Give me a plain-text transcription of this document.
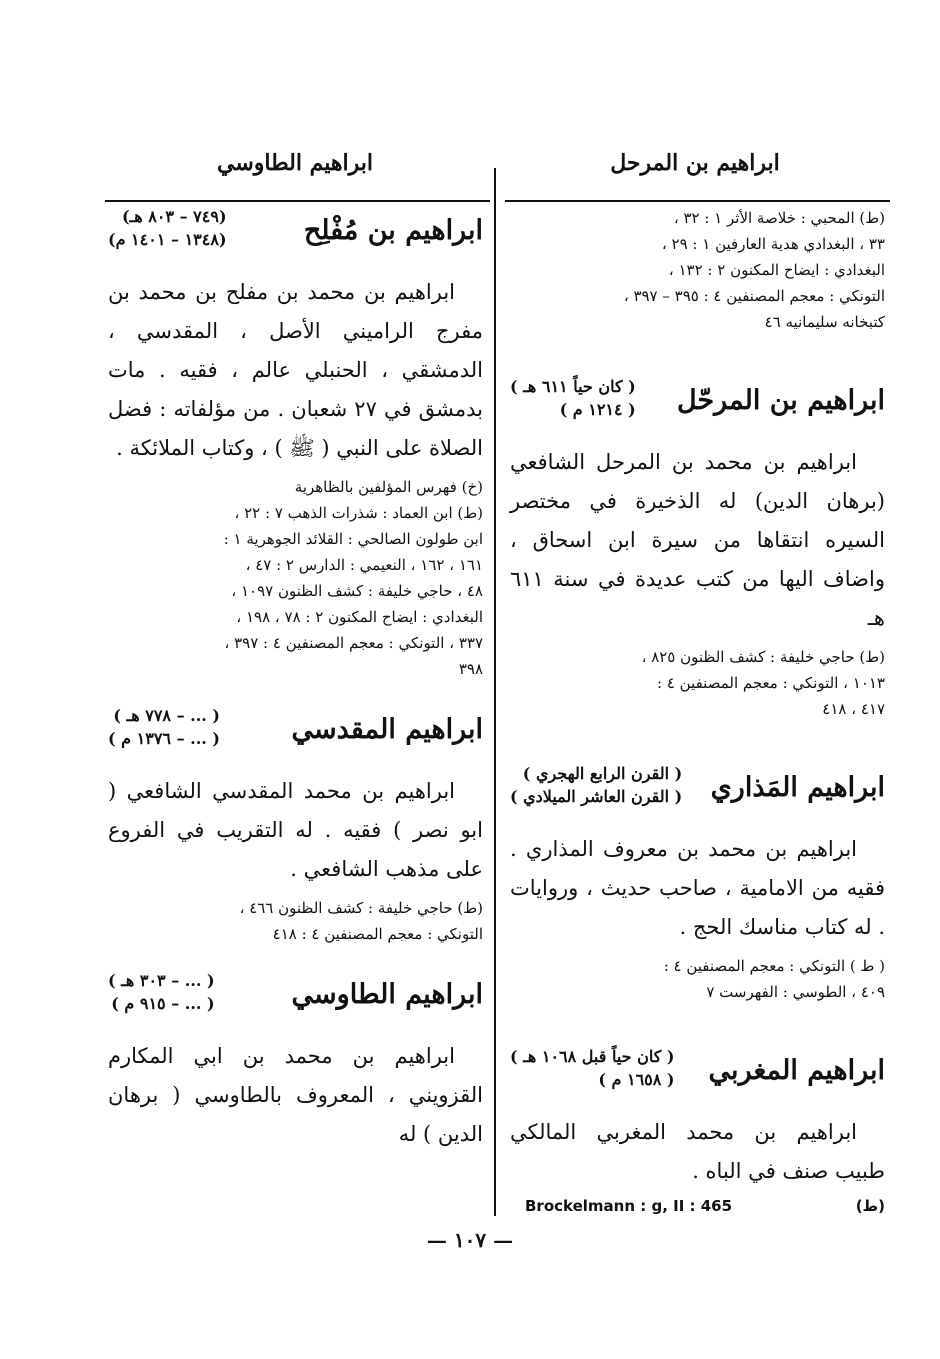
ابراهيم بن المرحل
ابراهيم الطاوسي
(ط) المحبي : خلاصة الأثر ١ : ٣٢ ،
٣٣ ، البغدادي هدية العارفين ١ : ٢٩ ،
البغدادي : ايضاح المكنون ٢ : ١٣٢ ،
التونكي : معجم المصنفين ٤ : ٣٩٥ – ٣٩٧ ،
كتبخانه سليمانيه ٤٦
ابراهيم بن المرحّل
( كان حياً ٦١١ هـ )
( ١٢١٤ م )

ابراهيم بن محمد بن المرحل الشافعي (برهان الدين) له الذخيرة في مختصر السيره انتقاها من سيرة ابن اسحاق ، واضاف اليها من كتب عديدة في سنة ٦١١ هـ

(ط) حاجي خليفة : كشف الظنون ٨٢٥ ،
١٠١٣ ، التونكي : معجم المصنفين ٤ :
٤١٧ ، ٤١٨
ابراهيم المَذاري
( القرن الرابع الهجري )
( القرن العاشر الميلادي )

ابراهيم بن محمد بن معروف المذاري . فقيه من الامامية ، صاحب حديث ، وروايات . له كتاب مناسك الحج .

( ط ) التونكي : معجم المصنفين ٤ :
٤٠٩ ، الطوسي : الفهرست ٧
ابراهيم المغربي
( كان حياً قبل ١٠٦٨ هـ )
( ١٦٥٨ م )

ابراهيم بن محمد المغربي المالكي طبيب صنف في الباه .

Brockelmann : g, II : 465	(ط)
ابراهيم بن مُفْلِح
(٧٤٩ – ٨٠٣ هـ)
(١٣٤٨ – ١٤٠١ م)

ابراهيم بن محمد بن مفلح بن محمد بن مفرج الراميني الأصل ، المقدسي ، الدمشقي ، الحنبلي عالم ، فقيه . مات بدمشق في ٢٧ شعبان . من مؤلفاته : فضل الصلاة على النبي ( ﷺ ) ، وكتاب الملائكة .

(خ) فهرس المؤلفين بالظاهرية
(ط) ابن العماد : شذرات الذهب ٧ : ٢٢ ،
ابن طولون الصالحي : القلائد الجوهرية ١ :
١٦١ ، ١٦٢ ، النعيمي : الدارس ٢ : ٤٧ ،
٤٨ ، حاجي خليفة : كشف الظنون ١٠٩٧ ،
البغدادي : ايضاح المكنون ٢ : ٧٨ ، ١٩٨ ،
٣٣٧ ، التونكي : معجم المصنفين ٤ : ٣٩٧ ،
٣٩٨
ابراهيم المقدسي
( ... – ٧٧٨ هـ )
( ... – ١٣٧٦ م )

ابراهيم بن محمد المقدسي الشافعي ( ابو نصر ) فقيه . له التقريب في الفروع على مذهب الشافعي .

(ط) حاجي خليفة : كشف الظنون ٤٦٦ ،
التونكي : معجم المصنفين ٤ : ٤١٨
ابراهيم الطاوسي
( ... – ٣٠٣ هـ )
( ... – ٩١٥ م )

ابراهيم بن محمد بن ابي المكارم القزويني ، المعروف بالطاوسي ( برهان الدين ) له

— ١٠٧ —
